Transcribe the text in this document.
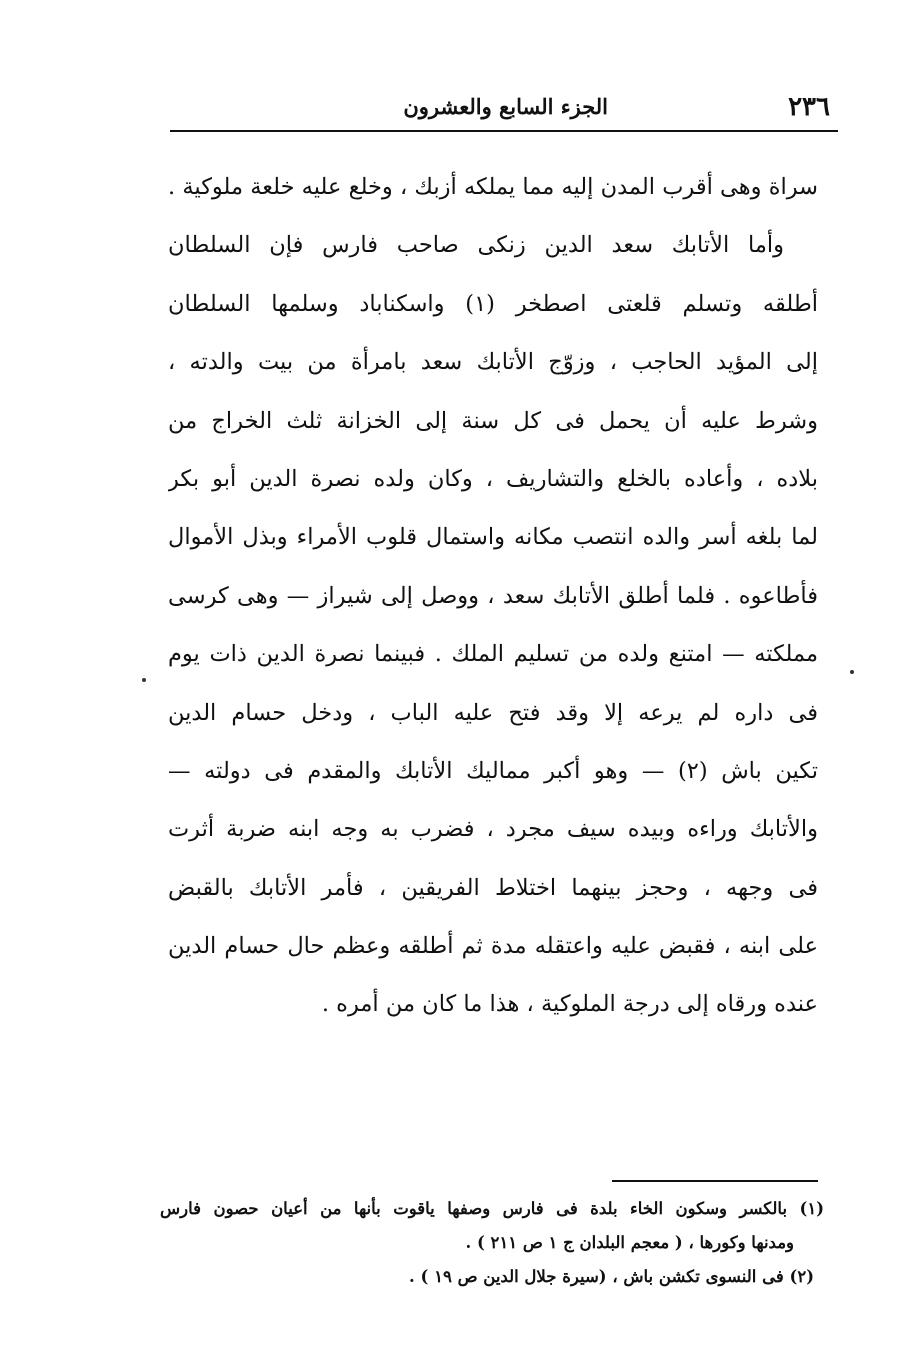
٢٣٦
الجزء السابع والعشرون
سراة وهى أقرب المدن إليه مما يملكه أزبك ، وخلع عليه خلعة ملوكية .
وأما الأتابك سعد الدين زنكى صاحب فارس فإن السلطان
أطلقه وتسلم قلعتى اصطخر (١) واسكناباد وسلمها السلطان
إلى المؤيد الحاجب ، وزوّج الأتابك سعد بامرأة من بيت والدته ،
وشرط عليه أن يحمل فى كل سنة إلى الخزانة ثلث الخراج من
بلاده ، وأعاده بالخلع والتشاريف ، وكان ولده نصرة الدين أبو بكر
لما بلغه أسر والده انتصب مكانه واستمال قلوب الأمراء وبذل الأموال
فأطاعوه . فلما أطلق الأتابك سعد ، ووصل إلى شيراز — وهى كرسى
مملكته — امتنع ولده من تسليم الملك . فبينما نصرة الدين ذات يوم
فى داره لم يرعه إلا وقد فتح عليه الباب ، ودخل حسام الدين
تكين باش (٢) — وهو أكبر مماليك الأتابك والمقدم فى دولته —
والأتابك وراءه وبيده سيف مجرد ، فضرب به وجه ابنه ضربة أثرت
فى وجهه ، وحجز بينهما اختلاط الفريقين ، فأمر الأتابك بالقبض
على ابنه ، فقبض عليه واعتقله مدة ثم أطلقه وعظم حال حسام الدين
عنده ورقاه إلى درجة الملوكية ، هذا ما كان من أمره .
(١) بالكسر وسكون الخاء بلدة فى فارس وصفها ياقوت بأنها من أعيان حصون فارس
ومدنها وكورها ، ( معجم البلدان ج ١ ص ٢١١ ) .
(٢) فى النسوى تكشن باش ، (سيرة جلال الدين ص ١٩ ) .
